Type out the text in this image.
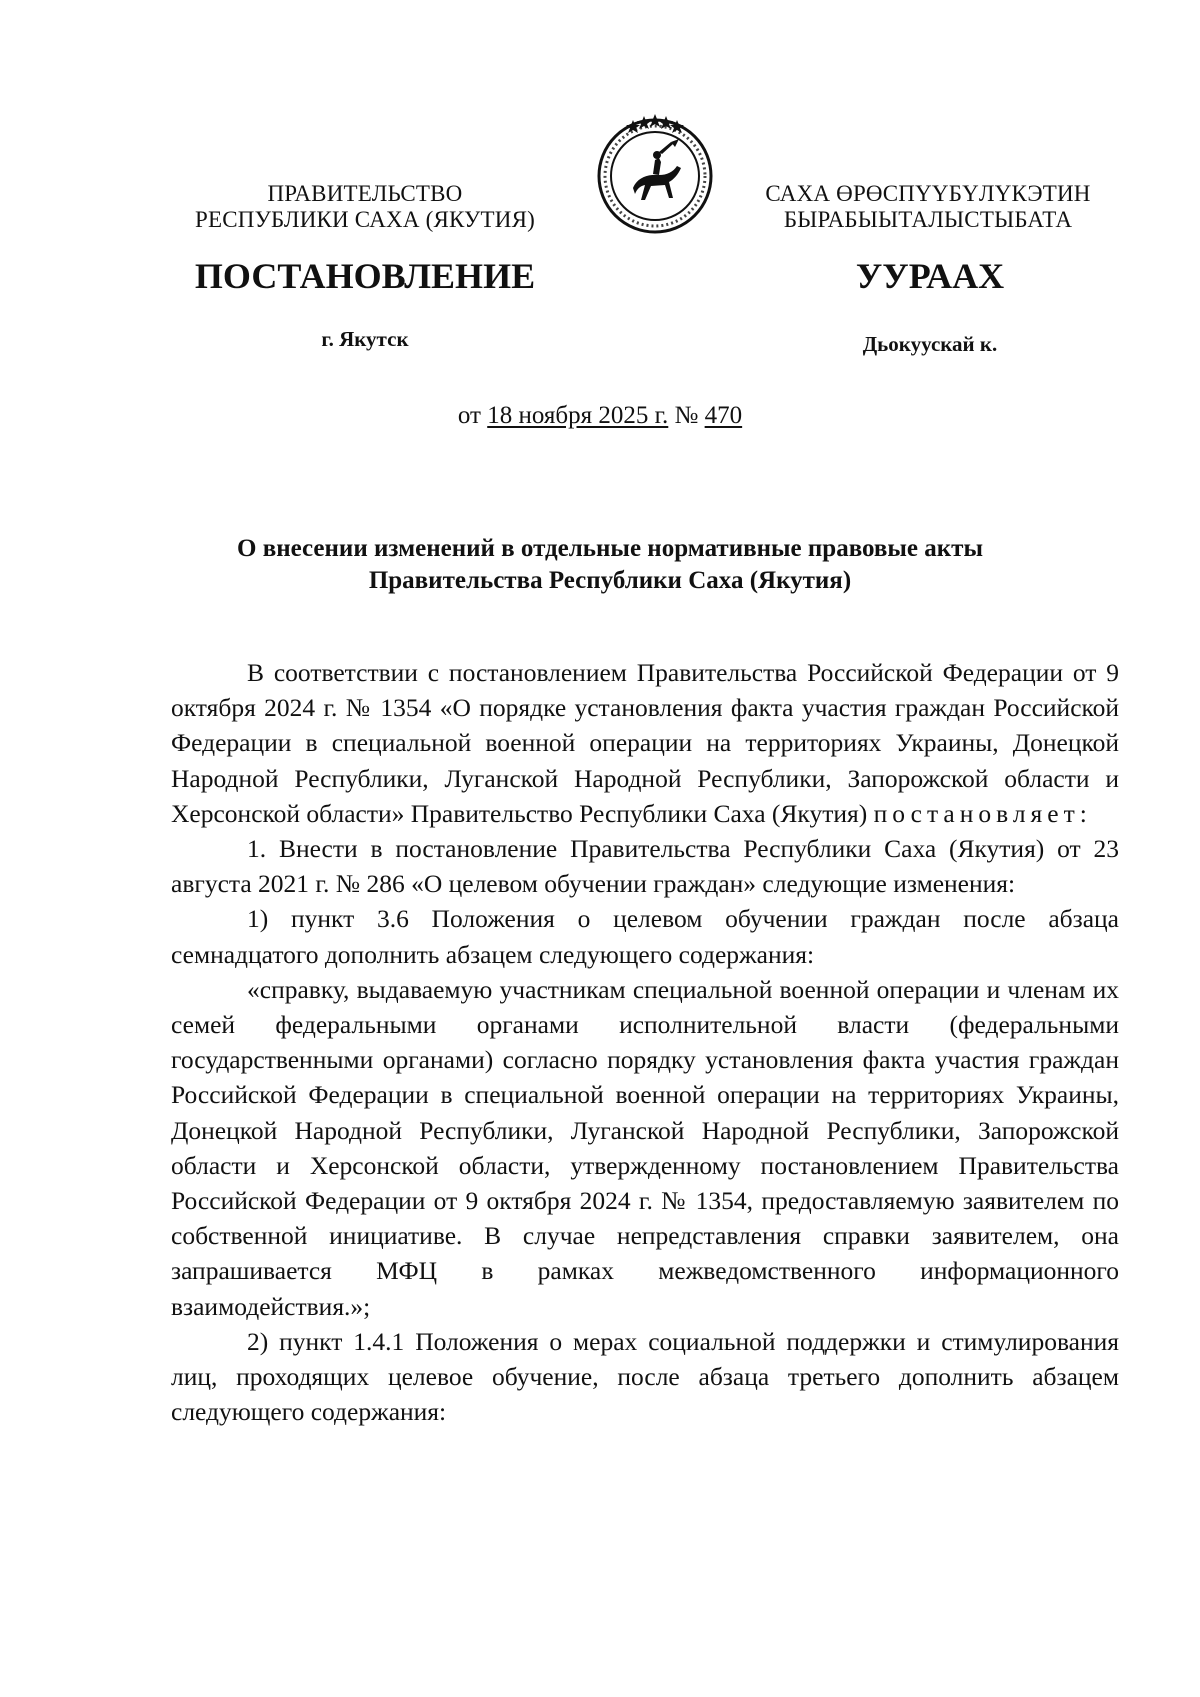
ПРАВИТЕЛЬСТВО
РЕСПУБЛИКИ САХА (ЯКУТИЯ)
САХА ӨРӨСПҮҮБҮЛҮКЭТИН
БЫРАБЫЫТАЛЫСТЫБАТА
ПОСТАНОВЛЕНИЕ	УУРААХ
г. Якутск	Дьокуускай к.
от 18 ноября 2025 г. № 470
О внесении изменений в отдельные нормативные правовые акты
Правительства Республики Саха (Якутия)

В соответствии с постановлением Правительства Российской Федерации от 9 октября 2024 г. № 1354 «О порядке установления факта участия граждан Российской Федерации в специальной военной операции на территориях Украины, Донецкой Народной Республики, Луганской Народной Республики, Запорожской области и Херсонской области» Правительство Республики Саха (Якутия) постановляет:

1. Внести в постановление Правительства Республики Саха (Якутия) от 23 августа 2021 г. № 286 «О целевом обучении граждан» следующие изменения:

1) пункт 3.6 Положения о целевом обучении граждан после абзаца семнадцатого дополнить абзацем следующего содержания:

«справку, выдаваемую участникам специальной военной операции и членам их семей федеральными органами исполнительной власти (федеральными государственными органами) согласно порядку установления факта участия граждан Российской Федерации в специальной военной операции на территориях Украины, Донецкой Народной Республики, Луганской Народной Республики, Запорожской области и Херсонской области, утвержденному постановлением Правительства Российской Федерации от 9 октября 2024 г. № 1354, предоставляемую заявителем по собственной инициативе. В случае непредставления справки заявителем, она запрашивается МФЦ в рамках межведомственного информационного взаимодействия.»;

2) пункт 1.4.1 Положения о мерах социальной поддержки и стимулирования лиц, проходящих целевое обучение, после абзаца третьего дополнить абзацем следующего содержания:
